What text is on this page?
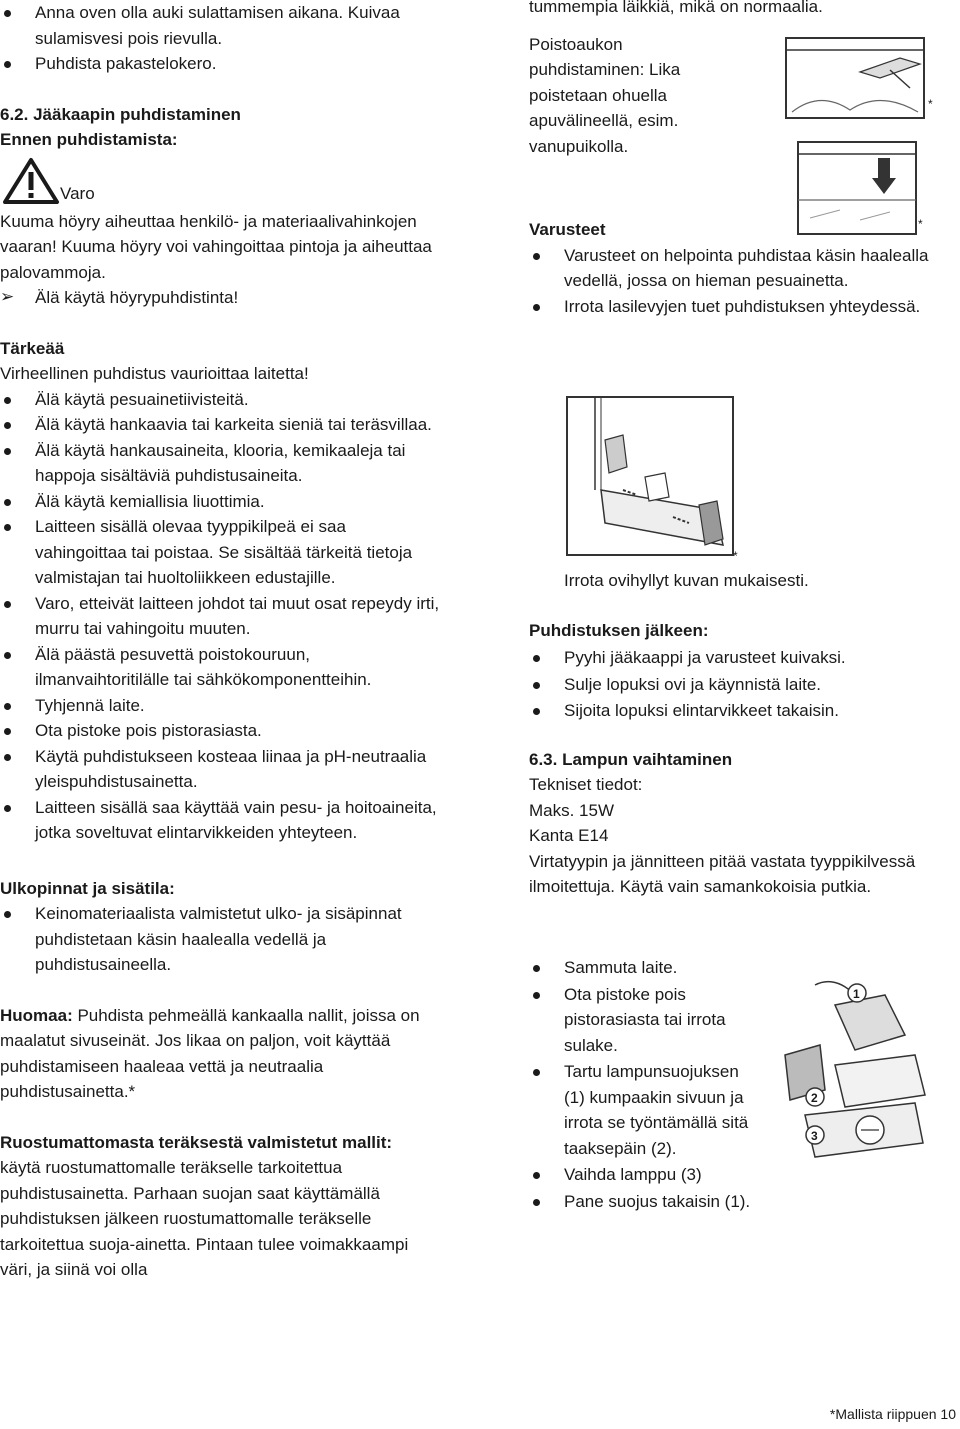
Anna oven olla auki sulattamisen aikana. Kuivaa sulamisvesi pois rievulla.
Puhdista pakastelokero.

6.2. Jääkaapin puhdistaminen

Ennen puhdistamista:

Varo

Kuuma höyry aiheuttaa henkilö- ja materiaalivahinkojen vaaran! Kuuma höyry voi vahingoittaa pintoja ja aiheuttaa palovammoja.

➢ Älä käytä höyrypuhdistinta!

Tärkeää

Virheellinen puhdistus vaurioittaa laitetta!

Älä käytä pesuainetiivisteitä.
Älä käytä hankaavia tai karkeita sieniä tai teräsvillaa.
Älä käytä hankausaineita, klooria, kemikaaleja tai happoja sisältäviä puhdistusaineita.
Älä käytä kemiallisia liuottimia.
Laitteen sisällä olevaa tyyppikilpeä ei saa vahingoittaa tai poistaa. Se sisältää tärkeitä tietoja valmistajan tai huoltoliikkeen edustajille.
Varo, etteivät laitteen johdot tai muut osat repeydy irti, murru tai vahingoitu muuten.
Älä päästä pesuvettä poistokouruun, ilmanvaihtoritilälle tai sähkökomponentteihin.
Tyhjennä laite.
Ota pistoke pois pistorasiasta.
Käytä puhdistukseen kosteaa liinaa ja pH-neutraalia yleispuhdistusainetta.
Laitteen sisällä saa käyttää vain pesu- ja hoitoaineita, jotka soveltuvat elintarvikkeiden yhteyteen.

Ulkopinnat ja sisätila:

Keinomateriaalista valmistetut ulko- ja sisäpinnat puhdistetaan käsin haalealla vedellä ja puhdistusaineella.

Huomaa: Puhdistа pehmeällä kankaalla nallit, joissa on maalatut sivuseinät. Jos likaa on paljon, voit käyttää puhdistamiseen haaleaa vettä ja neutraalia puhdistusainetta.*

Ruostumattomasta teräksestä valmistetut mallit:

käytä ruostumattomalle teräkselle tarkoitettua puhdistusainetta. Parhaan suojan saat käyttämällä puhdistuksen jälkeen ruostumattomalle teräkselle tarkoitettua suoja-ainetta. Pintaan tulee voimakkaampi väri, ja siinä voi olla

tummempia läikkiä, mikä on normaalia.

Poistoaukon puhdistaminen: Lika poistetaan ohuella apuvälineellä, esim. vanupuikolla.

*
*

Varusteet

Varusteet on helpointa puhdistaa käsin haalealla vedellä, jossa on hieman pesuainetta.
Irrota lasilevyjen tuet puhdistuksen yhteydessä.
*

Irrota ovihyllyt kuvan mukaisesti.

Puhdistuksen jälkeen:

Pyyhi jääkaappi ja varusteet kuivaksi.
Sulje lopuksi ovi ja käynnistä laite.
Sijoita lopuksi elintarvikkeet takaisin.

6.3. Lampun vaihtaminen

Tekniset tiedot:

Maks. 15W

Kanta E14

Virtatyypin ja jännitteen pitää vastata tyyppikilvessä ilmoitettuja. Käytä vain samankokoisia putkia.

Sammuta laite.
Ota pistoke pois pistorasiasta tai irrota sulake.
Tartu lampunsuojuksen (1) kumpaakin sivuun ja irrota se työntämällä sitä taaksepäin (2).
Vaihda lamppu (3)
Pane suojus takaisin (1).
1
2
3
*Mallista riippuen 10
